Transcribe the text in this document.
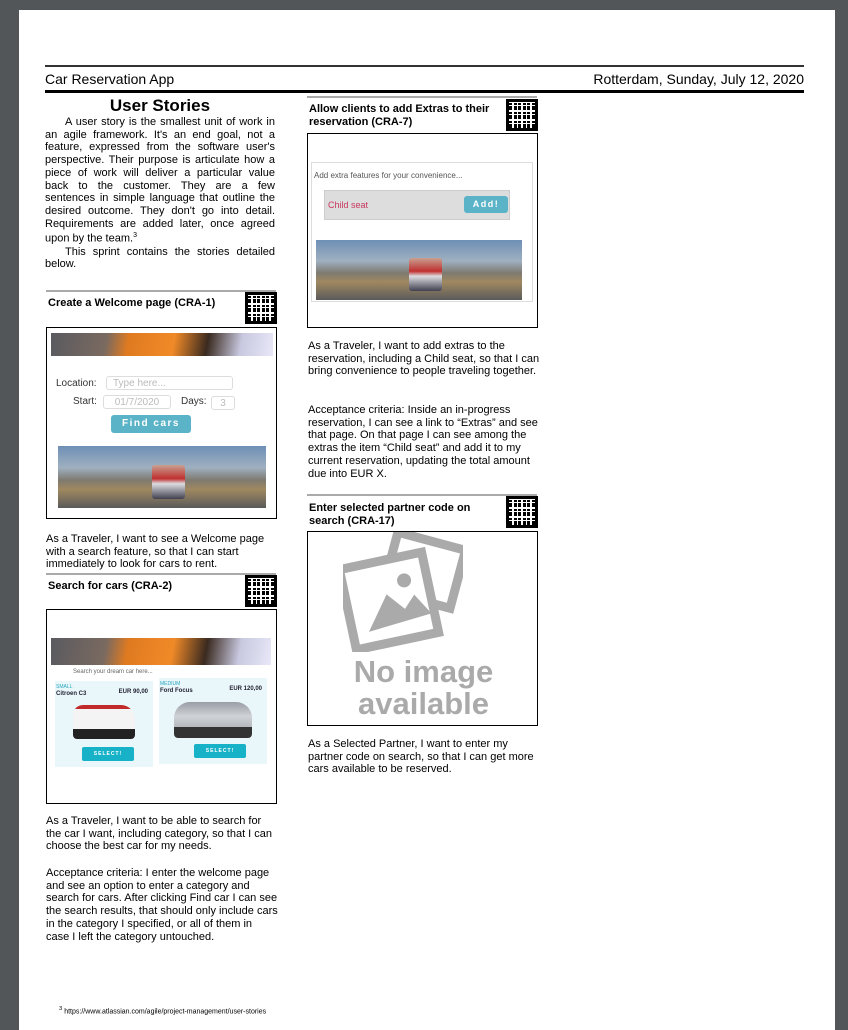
Car Reservation App	Rotterdam, Sunday, July 12, 2020
User Stories

A user story is the smallest unit of work in an agile framework. It's an end goal, not a feature, expressed from the software user's perspective. Their purpose is articulate how a piece of work will deliver a particular value back to the customer. They are a few sentences in simple language that outline the desired outcome. They don't go into detail. Requirements are added later, once agreed upon by the team.$^3$

This sprint contains the stories detailed below.

Create a Welcome page (CRA-1)
Location:	Type here...
Start:	01/7/2020	Days:	3
Find cars
As a Traveler, I want to see a Welcome page with a search feature, so that I can start immediately to look for cars to rent.
Search for cars (CRA-2)
Search your dream car here...
SMALL
Citroen C3	EUR 90,00
SELECT!
MEDIUM
Ford Focus	EUR 120,00
SELECT!
As a Traveler, I want to be able to search for the car I want, including category, so that I can choose the best car for my needs.
Acceptance criteria: I enter the welcome page and see an option to enter a category and search for cars. After clicking Find car I can see the search results, that should only include cars in the category I specified, or all of them in case I left the category untouched.
Allow clients to add Extras to their reservation (CRA-7)
Add extra features for your convenience...
Child seat	Add!
As a Traveler, I want to add extras to the reservation, including a Child seat, so that I can bring convenience to people traveling together.
Acceptance criteria: Inside an in-progress reservation, I can see a link to “Extras” and see that page. On that page I can see among the extras the item “Child seat” and add it to my current reservation, updating the total amount due into EUR X.
Enter selected partner code on search (CRA-17)
No image available
As a Selected Partner, I want to enter my partner code on search, so that I can get more cars available to be reserved.
$^3$ https://www.atlassian.com/agile/project-management/user-stories
